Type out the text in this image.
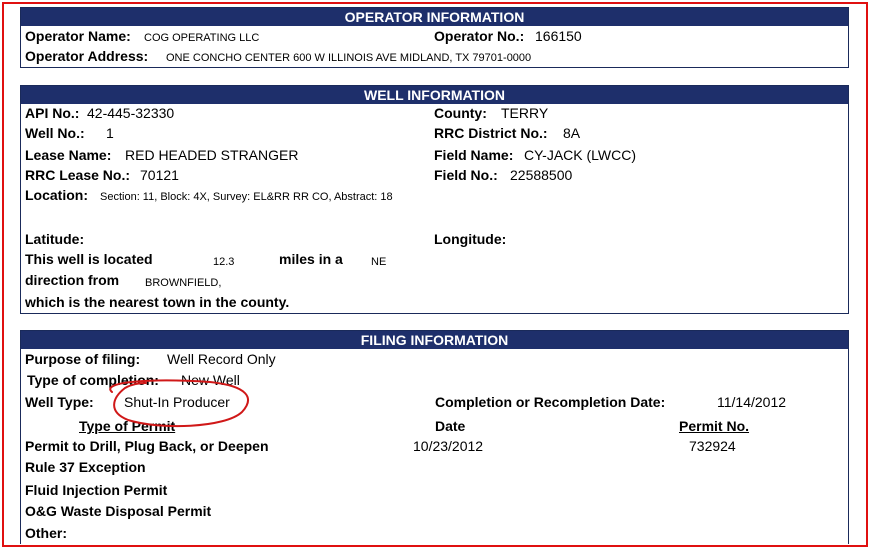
OPERATOR INFORMATION
Operator Name: COG OPERATING LLC	Operator No.: 166150
Operator Address: ONE CONCHO CENTER 600 W ILLINOIS AVE MIDLAND, TX 79701-0000
WELL INFORMATION
API No.: 42-445-32330	County: TERRY
Well No.: 1	RRC District No.: 8A
Lease Name: RED HEADED STRANGER	Field Name: CY-JACK (LWCC)
RRC Lease No.: 70121	Field No.: 22588500
Location: Section: 11, Block: 4X, Survey: EL&RR RR CO, Abstract: 18
Latitude:	Longitude:
This well is located	12.3	miles in a	NE
direction from BROWNFIELD,
which is the nearest town in the county.
FILING INFORMATION
Purpose of filing: Well Record Only
Type of completion: New Well
Well Type: Shut-In Producer	Completion or Recompletion Date:	11/14/2012
Type of Permit	Date	Permit No.
Permit to Drill, Plug Back, or Deepen	10/23/2012	732924
Rule 37 Exception
Fluid Injection Permit
O&G Waste Disposal Permit
Other:
